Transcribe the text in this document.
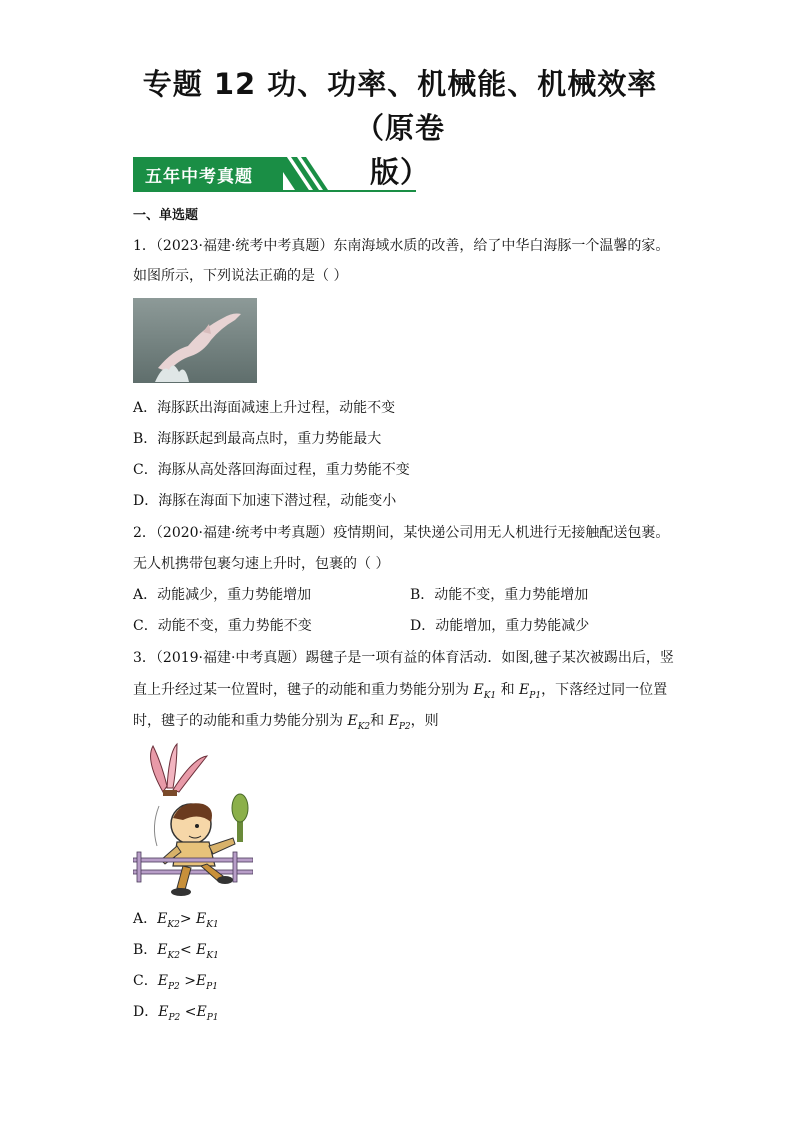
专题 12 功、功率、机械能、机械效率（原卷
版）
五年中考真题
一、单选题
1．（2023·福建·统考中考真题）东南海域水质的改善，给了中华白海豚一个温馨的家。
如图所示，下列说法正确的是（ ）
A．海豚跃出海面减速上升过程，动能不变
B．海豚跃起到最高点时，重力势能最大
C．海豚从高处落回海面过程，重力势能不变
D．海豚在海面下加速下潜过程，动能变小
2．（2020·福建·统考中考真题）疫情期间，某快递公司用无人机进行无接触配送包裹。
无人机携带包裹匀速上升时，包裹的（ ）
A．动能减少，重力势能增加	B．动能不变，重力势能增加
C．动能不变，重力势能不变	D．动能增加，重力势能减少
3．（2019·福建·中考真题）踢毽子是一项有益的体育活动．如图,毽子某次被踢出后，竖
直上升经过某一位置时，毽子的动能和重力势能分别为 $E_{K1}$ 和 $E_{P1}$，下落经过同一位置
时，毽子的动能和重力势能分别为 $E_{K2}$和 $E_{P2}$，则
A．$E_{K2}> E_{K1}$
B．$E_{K2}< E_{K1}$
C．$E_{P2} >E_{P1}$
D．$E_{P2} <E_{P1}$
